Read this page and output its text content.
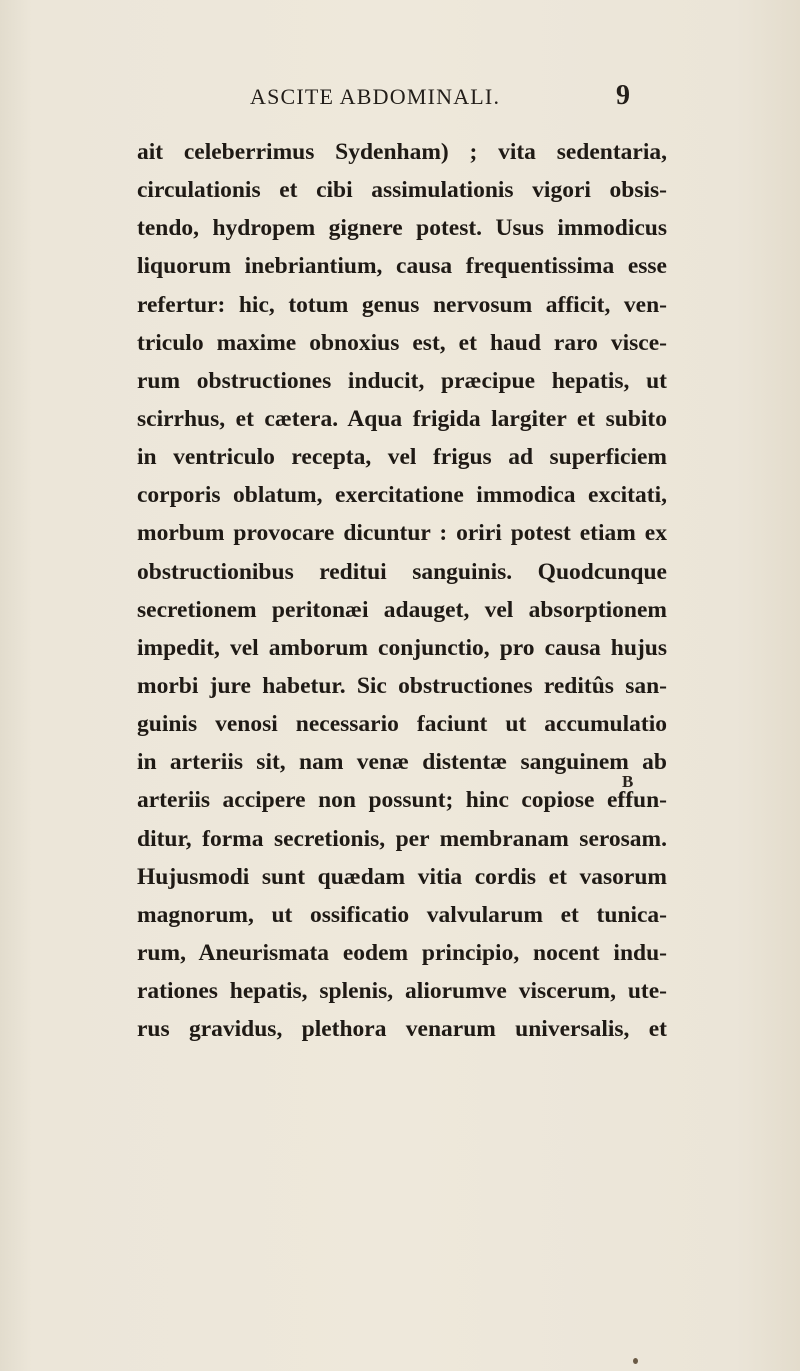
ASCITE ABDOMINALI.	9
ait celeberrimus Sydenham) ; vita sedentaria,
circulationis et cibi assimulationis vigori obsis-
tendo, hydropem gignere potest. Usus immodicus
liquorum inebriantium, causa frequentissima esse
refertur: hic, totum genus nervosum afficit, ven-
triculo maxime obnoxius est, et haud raro visce-
rum obstructiones inducit, præcipue hepatis, ut
scirrhus, et cætera. Aqua frigida largiter et subito
in ventriculo recepta, vel frigus ad superficiem
corporis oblatum, exercitatione immodica excitati,
morbum provocare dicuntur : oriri potest etiam ex
obstructionibus reditui sanguinis. Quodcunque
secretionem peritonæi adauget, vel absorptionem
impedit, vel amborum conjunctio, pro causa hujus
morbi jure habetur. Sic obstructiones reditûs san-
guinis venosi necessario faciunt ut accumulatio
in arteriis sit, nam venæ distentæ sanguinem ab
arteriis accipere non possunt; hinc copiose effun-
ditur, forma secretionis, per membranam serosam.
Hujusmodi sunt quædam vitia cordis et vasorum
magnorum, ut ossificatio valvularum et tunica-
rum, Aneurismata eodem principio, nocent indu-
rationes hepatis, splenis, aliorumve viscerum, ute-
rus gravidus, plethora venarum universalis, et
B
